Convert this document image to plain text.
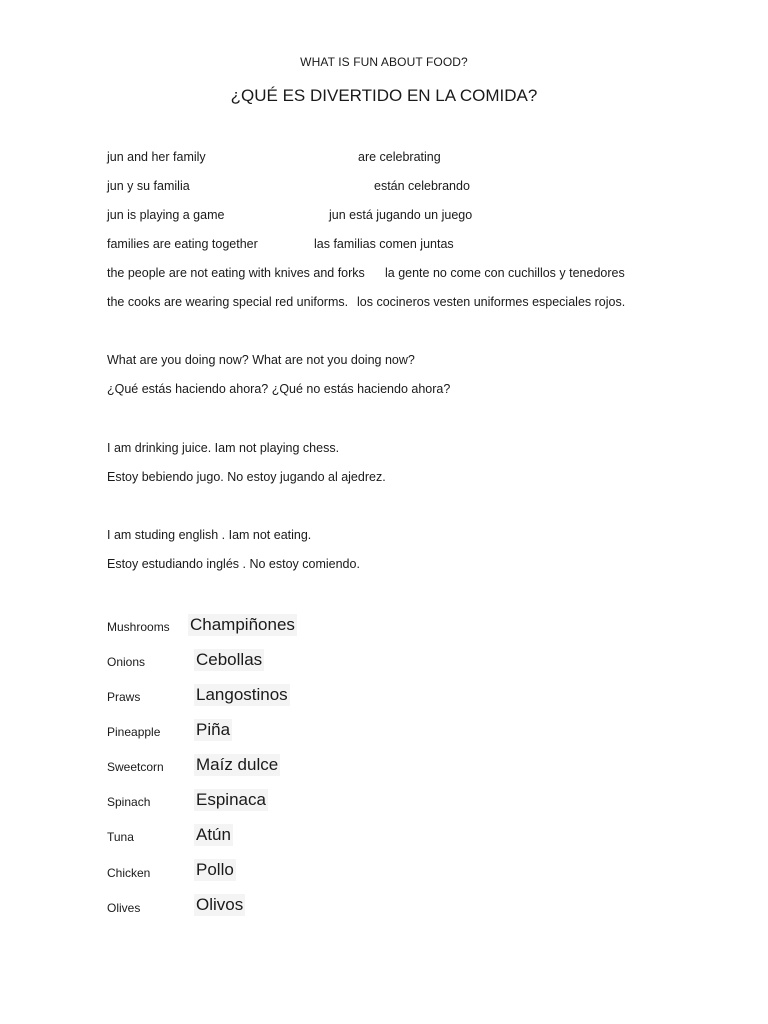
WHAT IS FUN ABOUT FOOD?
¿QUÉ ES DIVERTIDO EN LA COMIDA?
jun and her family	are celebrating
jun y su familia	están celebrando
jun is playing a game	jun está jugando un juego
families are eating together	las familias comen juntas
the people are not eating with knives and forks la gente no come con cuchillos y tenedores
the cooks are wearing special red uniforms. los cocineros vesten uniformes especiales rojos.
What are you doing now? What are not you doing now?
¿Qué estás haciendo ahora? ¿Qué no estás haciendo ahora?
I am drinking juice. Iam not playing chess.
Estoy bebiendo jugo. No estoy jugando al ajedrez.
I am studing english . Iam not eating.
Estoy estudiando inglés . No estoy comiendo.
Mushrooms Champiñones
Onions	Cebollas
Praws	Langostinos
Pineapple Piña
Sweetcorn Maíz dulce
Spinach	Espinaca
Tuna	Atún
Chicken	Pollo
Olives	Olivos
